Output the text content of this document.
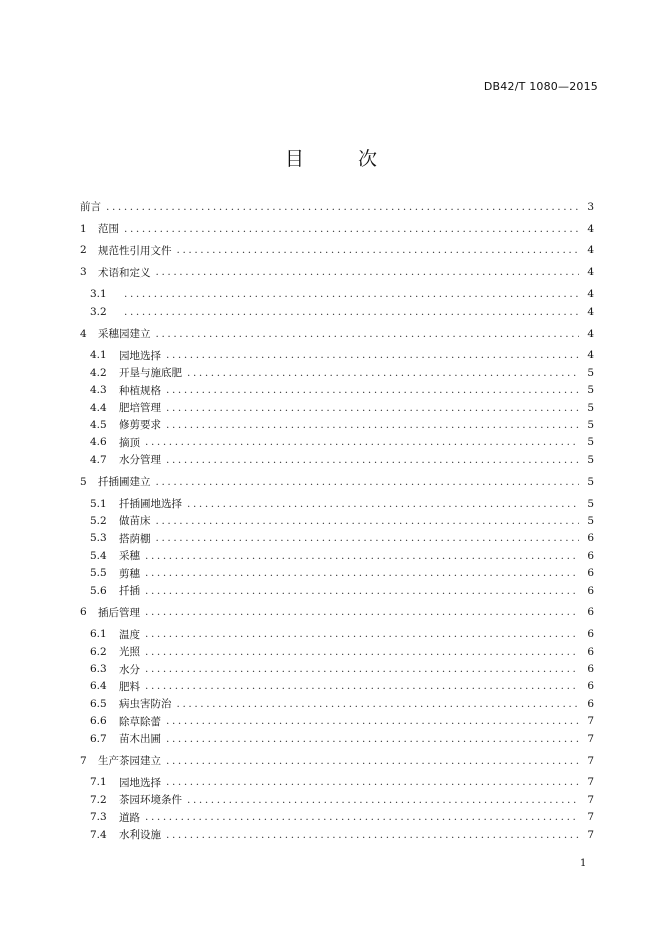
DB42/T 1080—2015
目 次
前言 .....	3
1	范围 .....	4
2	规范性引用文件 .....	4
3	术语和定义 .....	4
3.1 .....	4
3.2 .....	4
4	采穗园建立 .....	4
4.1	园地选择 .....	4
4.2	开垦与施底肥 .....	5
4.3	种植规格 .....	5
4.4	肥培管理 .....	5
4.5	修剪要求 .....	5
4.6	摘顶 .....	5
4.7	水分管理 .....	5
5	扦插圃建立 .....	5
5.1	扦插圃地选择 .....	5
5.2	做苗床 .....	5
5.3	搭荫棚 .....	6
5.4	采穗 .....	6
5.5	剪穗 .....	6
5.6	扦插 .....	6
6	插后管理 .....	6
6.1	温度 .....	6
6.2	光照 .....	6
6.3	水分 .....	6
6.4	肥料 .....	6
6.5	病虫害防治 .....	6
6.6	除草除蕾 .....	7
6.7	苗木出圃 .....	7
7	生产茶园建立 .....	7
7.1	园地选择 .....	7
7.2	茶园环境条件 .....	7
7.3	道路 .....	7
7.4	水利设施 .....	7
1
